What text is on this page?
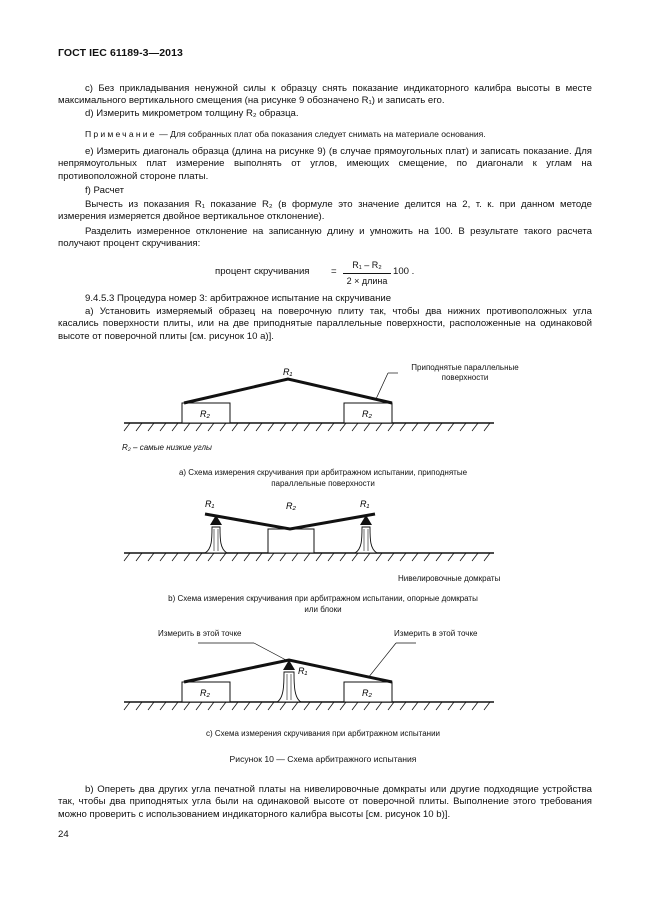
ГОСТ IEC 61189-3—2013
c) Без прикладывания ненужной силы к образцу снять показание индикаторного калибра высоты в месте максимального вертикального смещения (на рисунке 9 обозначено R₁) и записать его.
d) Измерить микрометром толщину R₂ образца.
Примечание — Для собранных плат оба показания следует снимать на материале основания.
e) Измерить диагональ образца (длина на рисунке 9) (в случае прямоугольных плат) и записать показание. Для непрямоугольных плат измерение выполнять от углов, имеющих смещение, по диагонали к углам на противоположной стороне платы.
f) Расчет
Вычесть из показания R₁ показание R₂ (в формуле это значение делится на 2, т. к. при данном методе измерения измеряется двойное вертикальное отклонение).
Разделить измеренное отклонение на записанную длину и умножить на 100. В результате такого расчета получают процент скручивания:
процент скручивания =
R₁ – R₂
2 × длина
100 .
9.4.5.3 Процедура номер 3: арбитражное испытание на скручивание
a) Установить измеряемый образец на поверочную плиту так, чтобы два нижних противоположных угла касались поверхности плиты, или на две приподнятые параллельные поверхности, расположенные на одинаковой высоте от поверочной плиты [см. рисунок 10 а)].
R₁
R₂	R₂
Приподнятые параллельные поверхности
R₂ – самые низкие углы
a) Схема измерения скручивания при арбитражном испытании, приподнятые параллельные поверхности
R₁	R₂	R₁
Нивелировочные домкраты
b) Схема измерения скручивания при арбитражном испытании, опорные домкраты или блоки
Измерить в этой точке	Измерить в этой точке
R₁
R₂	R₂
c) Схема измерения скручивания при арбитражном испытании
Рисунок 10 — Схема арбитражного испытания
b) Опереть два других угла печатной платы на нивелировочные домкраты или другие подходящие устройства так, чтобы два приподнятых угла были на одинаковой высоте от поверочной плиты. Выполнение этого требования можно проверить с использованием индикаторного калибра высоты [см. рисунок 10 b)].
24
